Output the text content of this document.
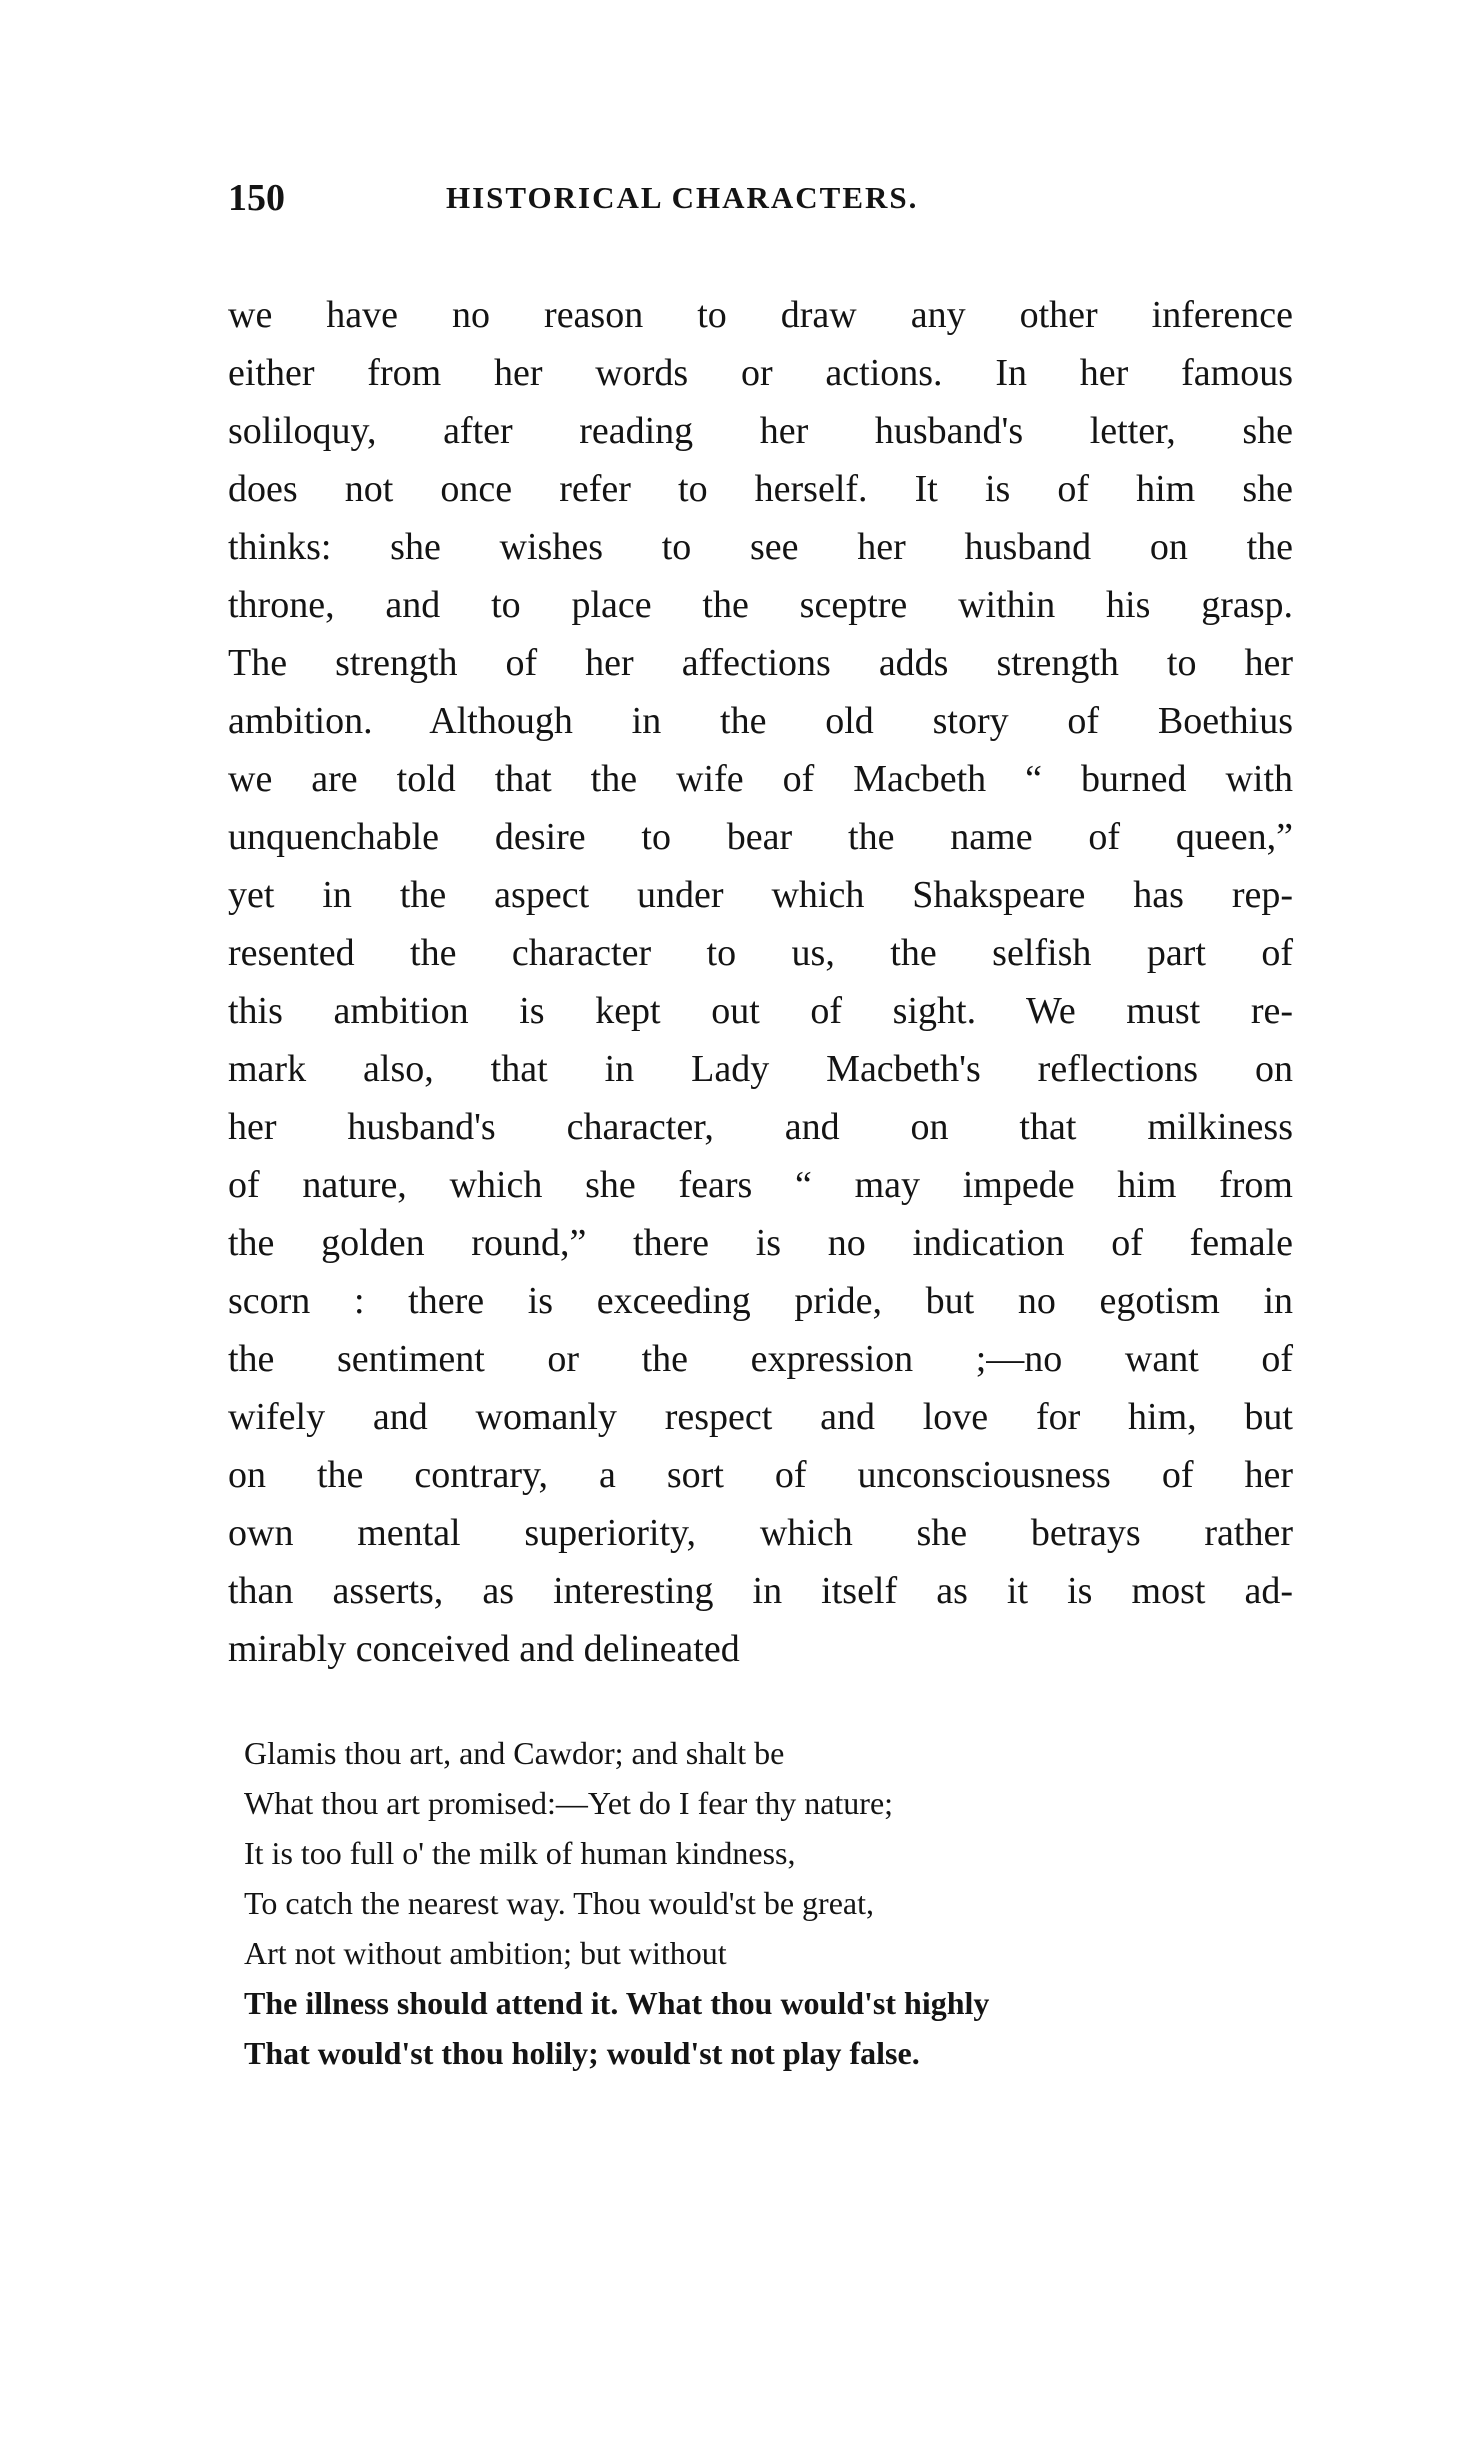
150	HISTORICAL CHARACTERS.
we have no reason to draw any other inference
either from her words or actions. In her famous
soliloquy, after reading her husband's letter, she
does not once refer to herself. It is of him she
thinks: she wishes to see her husband on the
throne, and to place the sceptre within his grasp.
The strength of her affections adds strength to her
ambition. Although in the old story of Boethius
we are told that the wife of Macbeth “ burned with
unquenchable desire to bear the name of queen,”
yet in the aspect under which Shakspeare has rep-
resented the character to us, the selfish part of
this ambition is kept out of sight. We must re-
mark also, that in Lady Macbeth's reflections on
her husband's character, and on that milkiness
of nature, which she fears “ may impede him from
the golden round,” there is no indication of female
scorn : there is exceeding pride, but no egotism in
the sentiment or the expression ;—no want of
wifely and womanly respect and love for him, but
on the contrary, a sort of unconsciousness of her
own mental superiority, which she betrays rather
than asserts, as interesting in itself as it is most ad-
mirably conceived and delineated
Glamis thou art, and Cawdor; and shalt be
What thou art promised:—Yet do I fear thy nature;
It is too full o' the milk of human kindness,
To catch the nearest way. Thou would'st be great,
Art not without ambition; but without
The illness should attend it. What thou would'st highly
That would'st thou holily; would'st not play false.
